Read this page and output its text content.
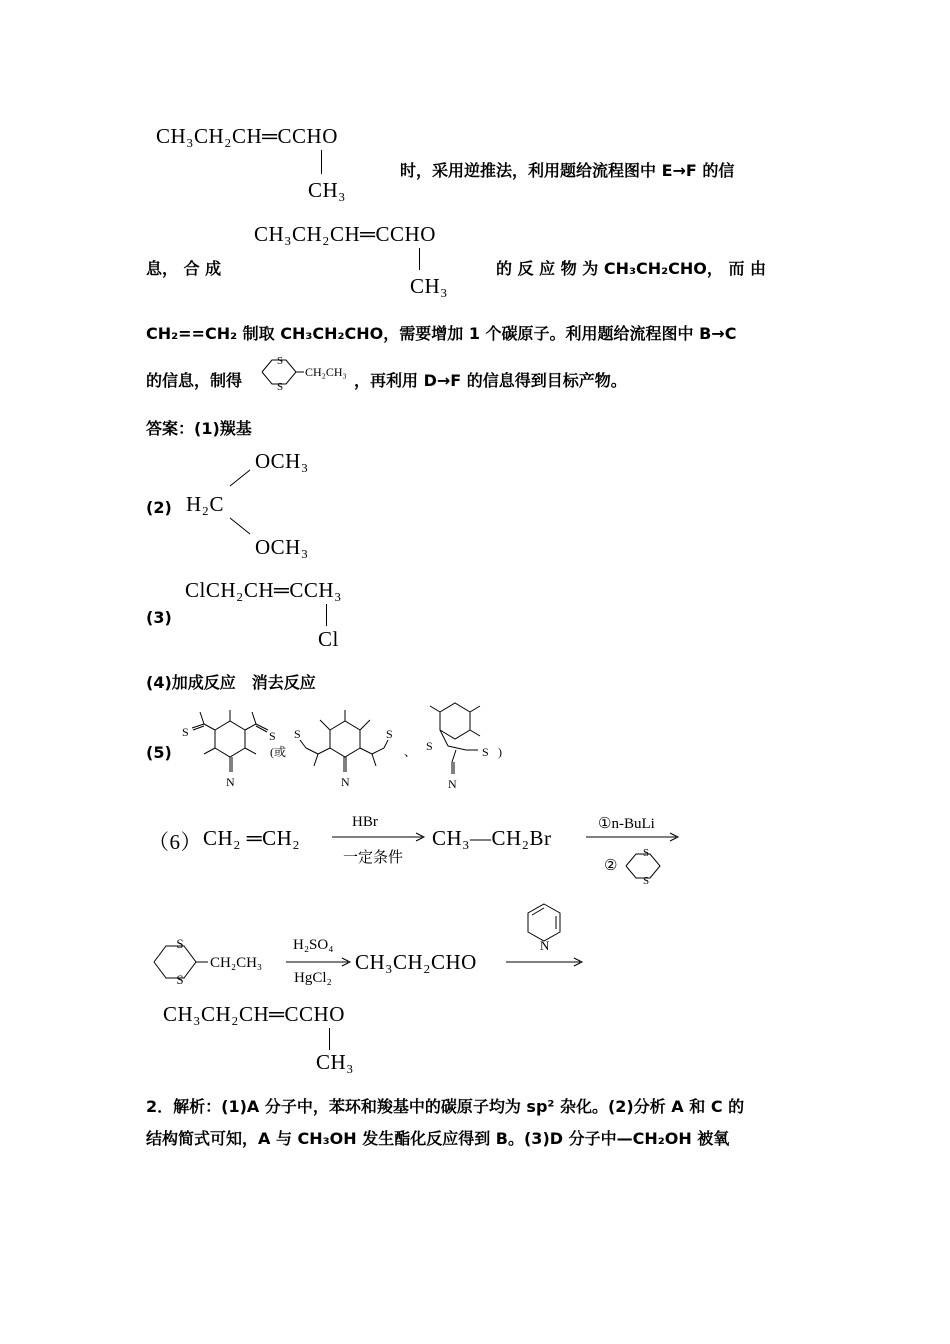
CH₃CH₂CH═CCHO
CH₃
时，采用逆推法，利用题给流程图中 E→F 的信
息， 合 成
CH₃CH₂CH═CCHO
CH₃
的 反 应 物 为 CH₃CH₂CHO， 而 由
CH₂==CH₂ 制取 CH₃CH₂CHO，需要增加 1 个碳原子。利用题给流程图中 B→C
的信息，制得
S
S
CH₂CH₃ ，再利用 D→F 的信息得到目标产物。
答案：(1)羰基
(2)
OCH₃
H₂C
OCH₃
(3)
ClCH₂CH═CCH₃
Cl
(4)加成反应　消去反应
(5)
S	S
N
(或
S	S
N
、 S	S
N
)
（6） CH₂ ═CH₂
HBr
一定条件
CH₃—CH₂Br
①n-BuLi
②
S
S
S
S
CH₂CH₃
H₂SO₄
HgCl₂
CH₃CH₂CHO
N
CH₃CH₂CH═CCHO
CH₃
2．解析：(1)A 分子中，苯环和羧基中的碳原子均为 sp² 杂化。(2)分析 A 和 C 的
结构简式可知，A 与 CH₃OH 发生酯化反应得到 B。(3)D 分子中—CH₂OH 被氧
